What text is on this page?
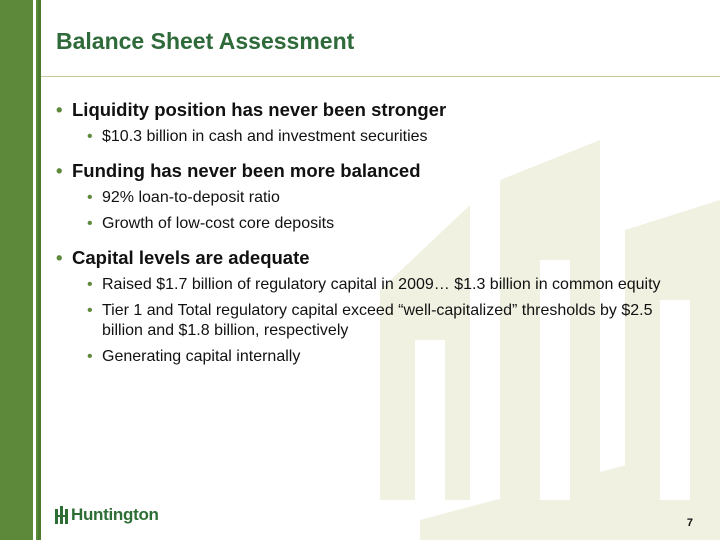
Balance Sheet Assessment
• Liquidity position has never been stronger
• $10.3 billion in cash and investment securities
• Funding has never been more balanced
• 92% loan-to-deposit ratio
• Growth of low-cost core deposits
• Capital levels are adequate
• Raised $1.7 billion of regulatory capital in 2009… $1.3 billion in common equity
• Tier 1 and Total regulatory capital exceed “well-capitalized” thresholds by $2.5 billion and $1.8 billion, respectively
• Generating capital internally
Huntington	7
